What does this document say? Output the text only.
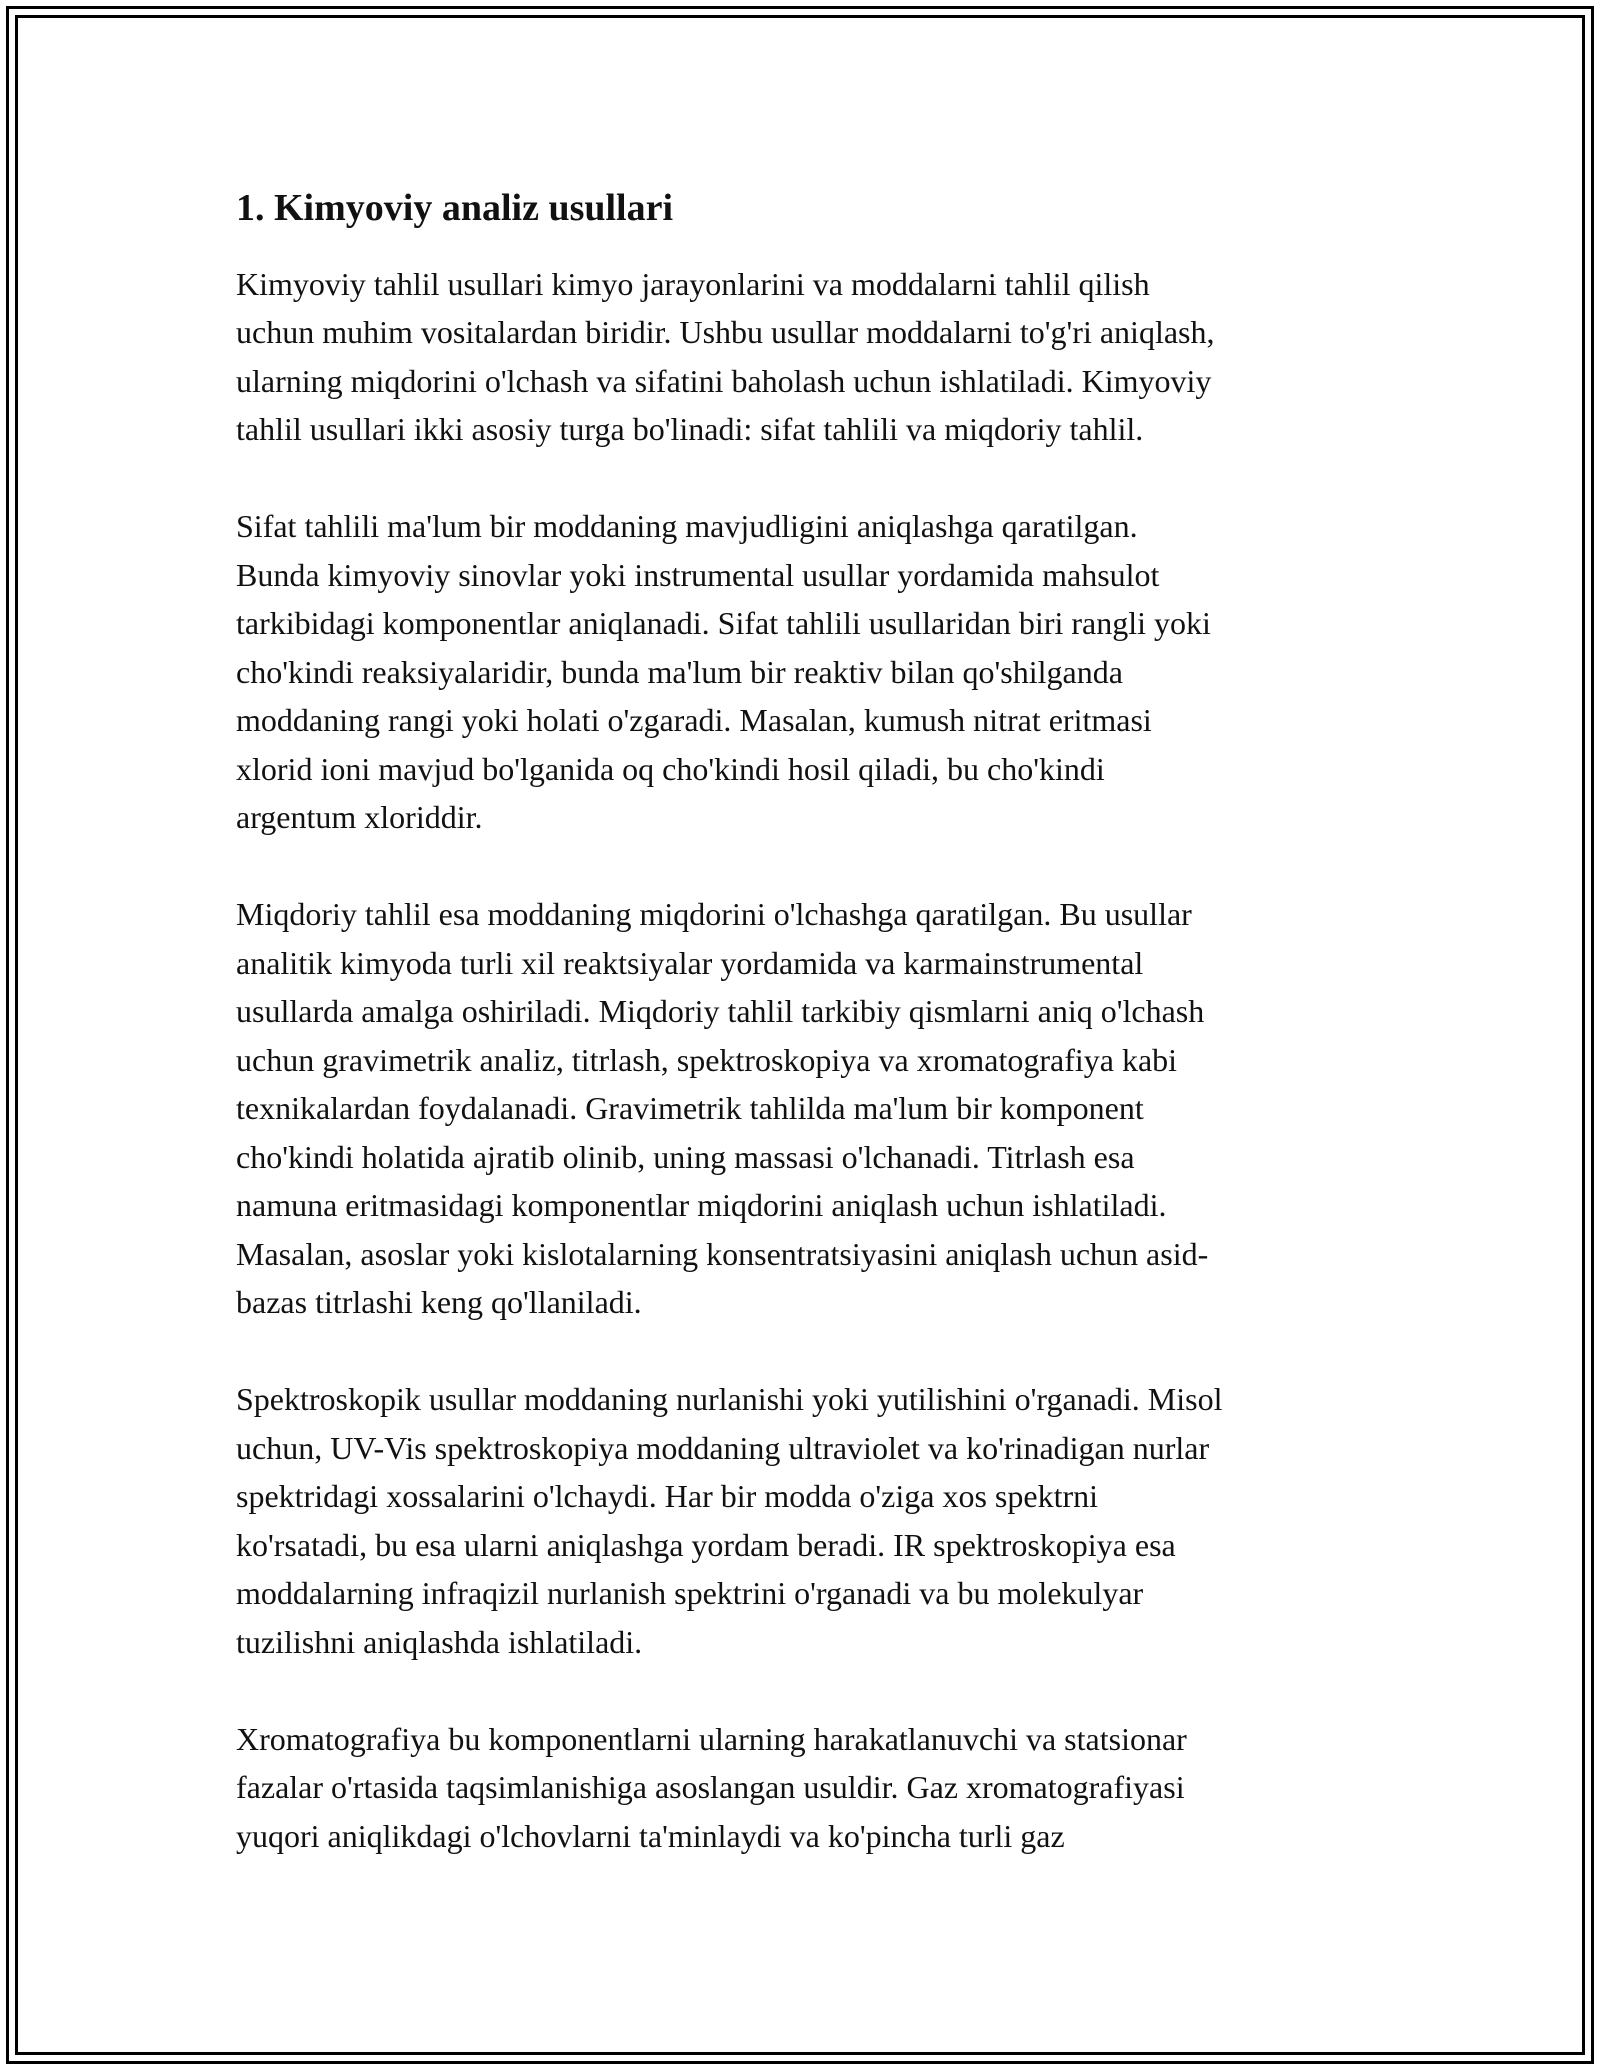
1. Kimyoviy analiz usullari

Kimyoviy tahlil usullari kimyo jarayonlarini va moddalarni tahlil qilish
uchun muhim vositalardan biridir. Ushbu usullar moddalarni to'g'ri aniqlash,
ularning miqdorini o'lchash va sifatini baholash uchun ishlatiladi. Kimyoviy
tahlil usullari ikki asosiy turga bo'linadi: sifat tahlili va miqdoriy tahlil.

Sifat tahlili ma'lum bir moddaning mavjudligini aniqlashga qaratilgan.
Bunda kimyoviy sinovlar yoki instrumental usullar yordamida mahsulot
tarkibidagi komponentlar aniqlanadi. Sifat tahlili usullaridan biri rangli yoki
cho'kindi reaksiyalaridir, bunda ma'lum bir reaktiv bilan qo'shilganda
moddaning rangi yoki holati o'zgaradi. Masalan, kumush nitrat eritmasi
xlorid ioni mavjud bo'lganida oq cho'kindi hosil qiladi, bu cho'kindi
argentum xloriddir.

Miqdoriy tahlil esa moddaning miqdorini o'lchashga qaratilgan. Bu usullar
analitik kimyoda turli xil reaktsiyalar yordamida va karmainstrumental
usullarda amalga oshiriladi. Miqdoriy tahlil tarkibiy qismlarni aniq o'lchash
uchun gravimetrik analiz, titrlash, spektroskopiya va xromatografiya kabi
texnikalardan foydalanadi. Gravimetrik tahlilda ma'lum bir komponent
cho'kindi holatida ajratib olinib, uning massasi o'lchanadi. Titrlash esa
namuna eritmasidagi komponentlar miqdorini aniqlash uchun ishlatiladi.
Masalan, asoslar yoki kislotalarning konsentratsiyasini aniqlash uchun asid-
bazas titrlashi keng qo'llaniladi.

Spektroskopik usullar moddaning nurlanishi yoki yutilishini o'rganadi. Misol
uchun, UV-Vis spektroskopiya moddaning ultraviolet va ko'rinadigan nurlar
spektridagi xossalarini o'lchaydi. Har bir modda o'ziga xos spektrni
ko'rsatadi, bu esa ularni aniqlashga yordam beradi. IR spektroskopiya esa
moddalarning infraqizil nurlanish spektrini o'rganadi va bu molekulyar
tuzilishni aniqlashda ishlatiladi.

Xromatografiya bu komponentlarni ularning harakatlanuvchi va statsionar
fazalar o'rtasida taqsimlanishiga asoslangan usuldir. Gaz xromatografiyasi
yuqori aniqlikdagi o'lchovlarni ta'minlaydi va ko'pincha turli gaz
